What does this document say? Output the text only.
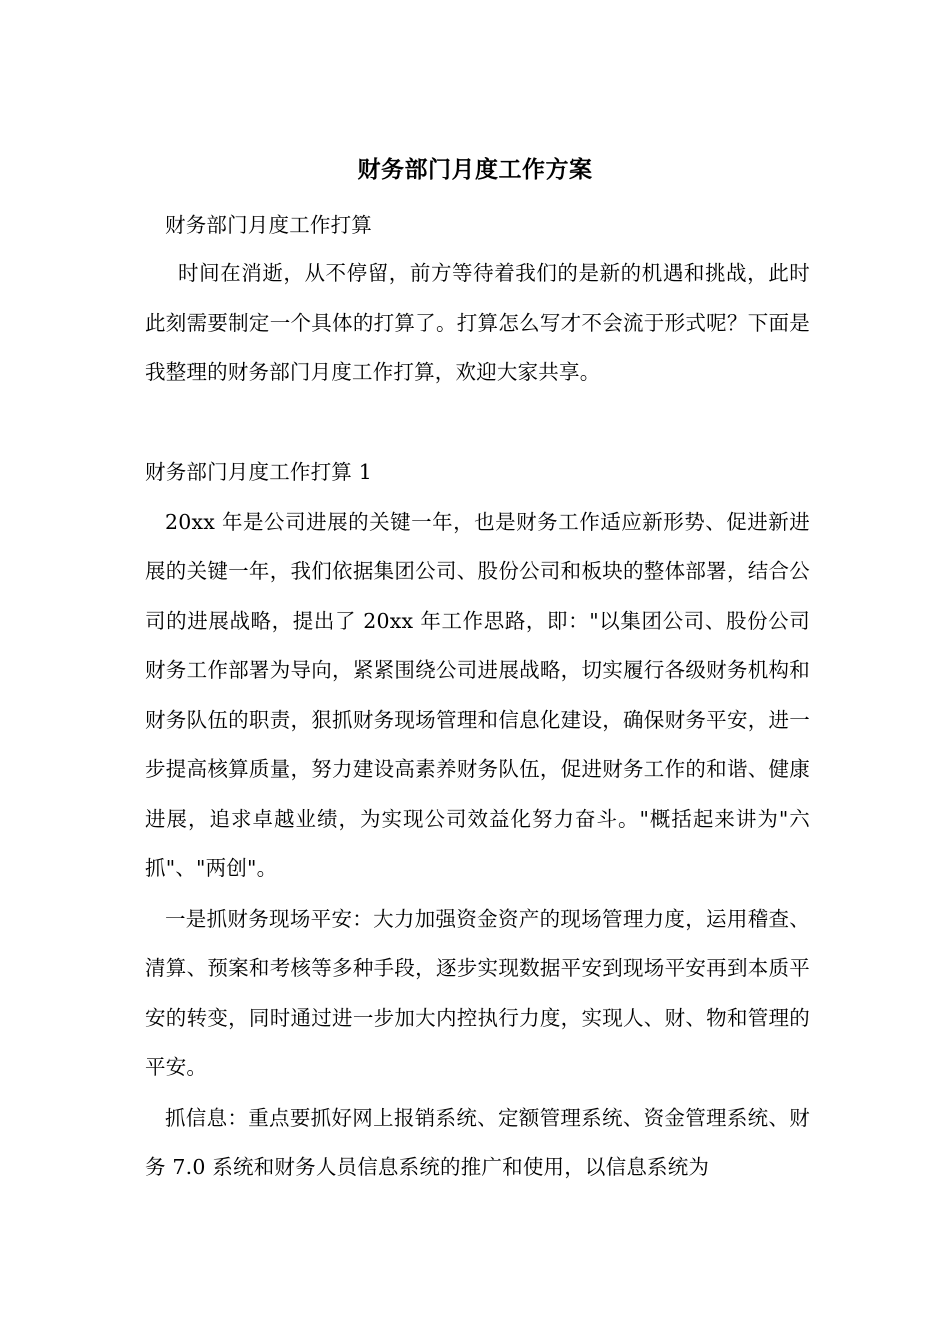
财务部门月度工作方案
财务部门月度工作打算

时间在消逝，从不停留，前方等待着我们的是新的机遇和挑战，此时此刻需要制定一个具体的打算了。打算怎么写才不会流于形式呢？下面是我整理的财务部门月度工作打算，欢迎大家共享。

财务部门月度工作打算 1

20xx 年是公司进展的关键一年，也是财务工作适应新形势、促进新进展的关键一年，我们依据集团公司、股份公司和板块的整体部署，结合公司的进展战略，提出了 20xx 年工作思路，即："以集团公司、股份公司财务工作部署为导向，紧紧围绕公司进展战略，切实履行各级财务机构和财务队伍的职责，狠抓财务现场管理和信息化建设，确保财务平安，进一步提高核算质量，努力建设高素养财务队伍，促进财务工作的和谐、健康进展，追求卓越业绩，为实现公司效益化努力奋斗。"概括起来讲为"六抓"、"两创"。

一是抓财务现场平安：大力加强资金资产的现场管理力度，运用稽查、清算、预案和考核等多种手段，逐步实现数据平安到现场平安再到本质平安的转变，同时通过进一步加大内控执行力度，实现人、财、物和管理的平安。

抓信息：重点要抓好网上报销系统、定额管理系统、资金管理系统、财务 7.0 系统和财务人员信息系统的推广和使用，以信息系统为
